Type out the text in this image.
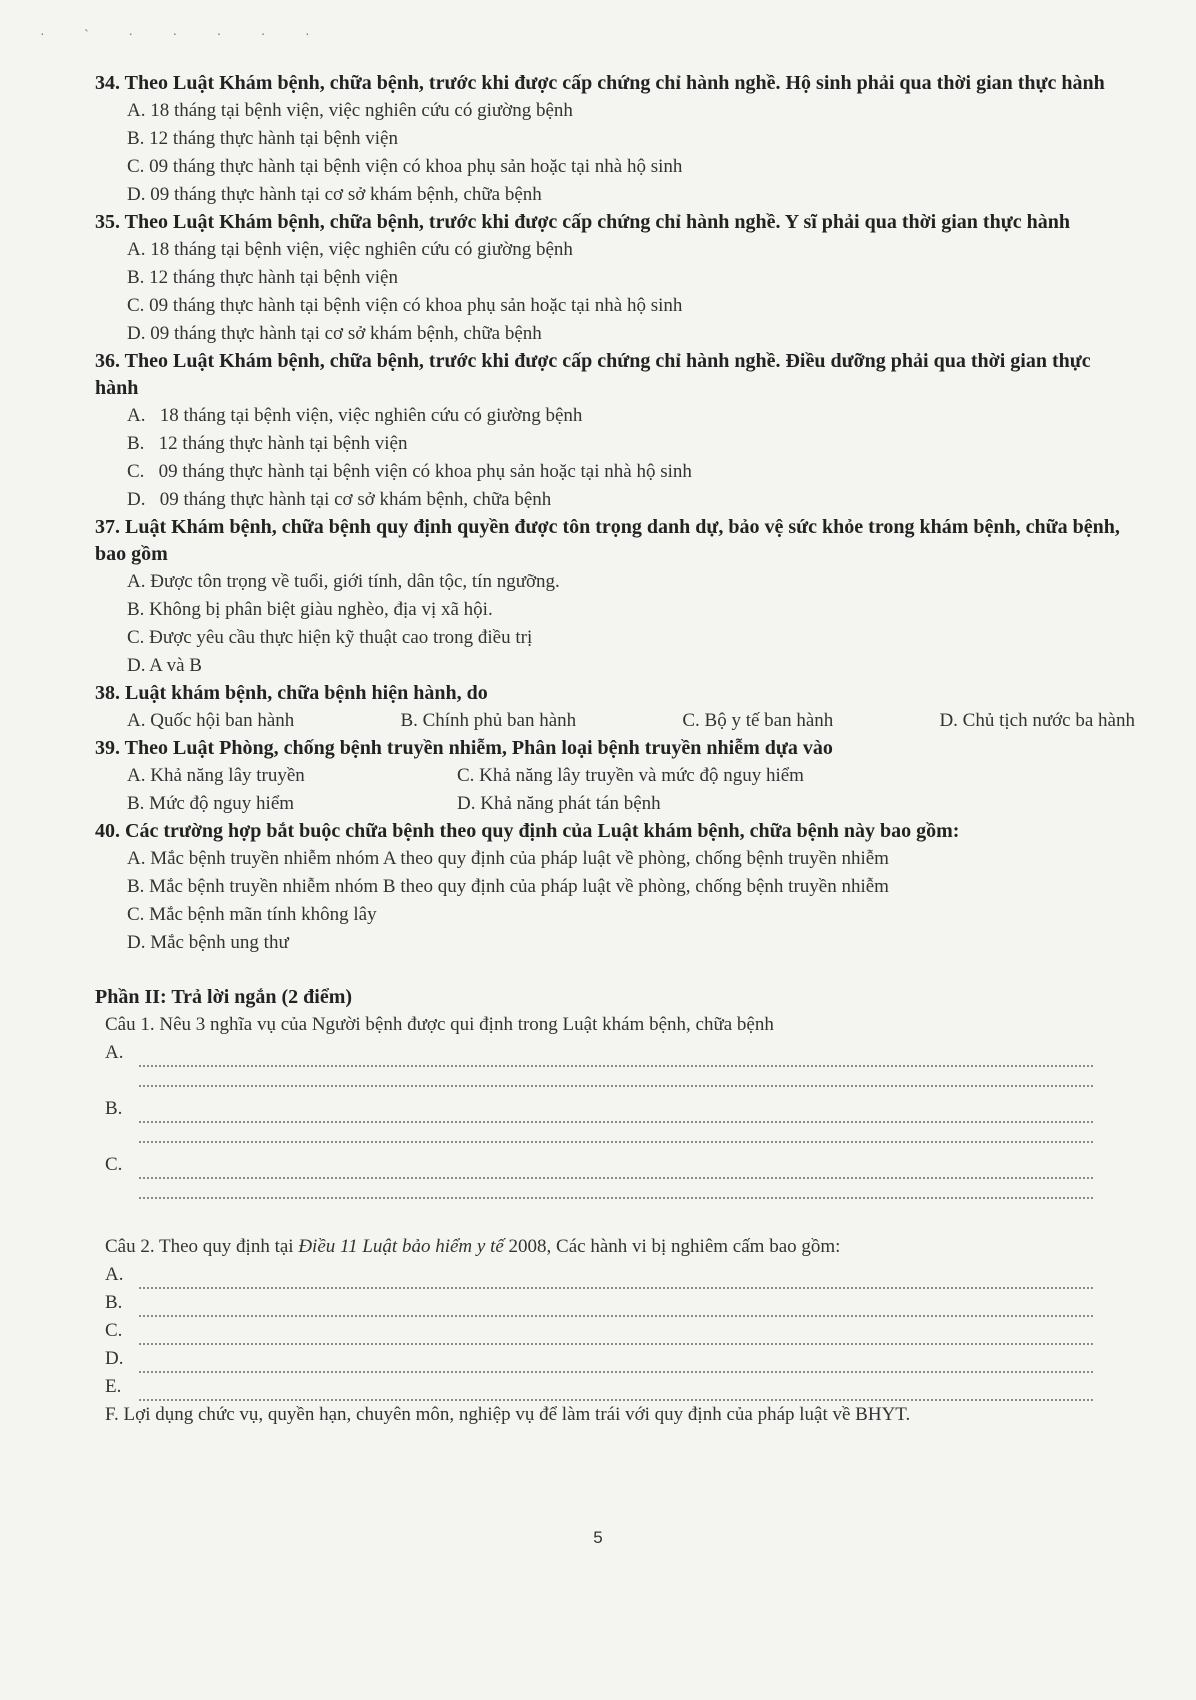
· ` · · · · ·

34. Theo Luật Khám bệnh, chữa bệnh, trước khi được cấp chứng chỉ hành nghề. Hộ sinh phải qua thời gian thực hành

A. 18 tháng tại bệnh viện, việc nghiên cứu có giường bệnh

B. 12 tháng thực hành tại bệnh viện

C. 09 tháng thực hành tại bệnh viện có khoa phụ sản hoặc tại nhà hộ sinh

D. 09 tháng thực hành tại cơ sở khám bệnh, chữa bệnh

35. Theo Luật Khám bệnh, chữa bệnh, trước khi được cấp chứng chỉ hành nghề. Y sĩ phải qua thời gian thực hành

A. 18 tháng tại bệnh viện, việc nghiên cứu có giường bệnh

B. 12 tháng thực hành tại bệnh viện

C. 09 tháng thực hành tại bệnh viện có khoa phụ sản hoặc tại nhà hộ sinh

D. 09 tháng thực hành tại cơ sở khám bệnh, chữa bệnh

36. Theo Luật Khám bệnh, chữa bệnh, trước khi được cấp chứng chỉ hành nghề. Điều dưỡng phải qua thời gian thực hành

A.   18 tháng tại bệnh viện, việc nghiên cứu có giường bệnh

B.   12 tháng thực hành tại bệnh viện

C.   09 tháng thực hành tại bệnh viện có khoa phụ sản hoặc tại nhà hộ sinh

D.   09 tháng thực hành tại cơ sở khám bệnh, chữa bệnh

37. Luật Khám bệnh, chữa bệnh quy định quyền được tôn trọng danh dự, bảo vệ sức khỏe trong khám bệnh, chữa bệnh, bao gồm

A. Được tôn trọng về tuổi, giới tính, dân tộc, tín ngưỡng.

B. Không bị phân biệt giàu nghèo, địa vị xã hội.

C. Được yêu cầu thực hiện kỹ thuật cao trong điều trị

D. A và B

38. Luật khám bệnh, chữa bệnh hiện hành, do

A. Quốc hội ban hành	B. Chính phủ ban hành	C. Bộ y tế ban hành	D. Chủ tịch nước ba hành

39. Theo Luật Phòng, chống bệnh truyền nhiễm, Phân loại bệnh truyền nhiễm dựa vào

A. Khả năng lây truyền	C. Khả năng lây truyền và mức độ nguy hiểm
B. Mức độ nguy hiểm	D. Khả năng phát tán bệnh

40. Các trường hợp bắt buộc chữa bệnh theo quy định của Luật khám bệnh, chữa bệnh này bao gồm:

A. Mắc bệnh truyền nhiễm nhóm A theo quy định của pháp luật về phòng, chống bệnh truyền nhiễm

B. Mắc bệnh truyền nhiễm nhóm B theo quy định của pháp luật về phòng, chống bệnh truyền nhiễm

C. Mắc bệnh mãn tính không lây

D. Mắc bệnh ung thư

Phần II: Trả lời ngắn (2 điểm)

Câu 1. Nêu 3 nghĩa vụ của Người bệnh được qui định trong Luật khám bệnh, chữa bệnh
A.
B.
C.
Câu 2. Theo quy định tại Điều 11 Luật bảo hiểm y tế 2008, Các hành vi bị nghiêm cấm bao gồm:
A.
B.
C.
D.
E.
F. Lợi dụng chức vụ, quyền hạn, chuyên môn, nghiệp vụ để làm trái với quy định của pháp luật về BHYT.
5
